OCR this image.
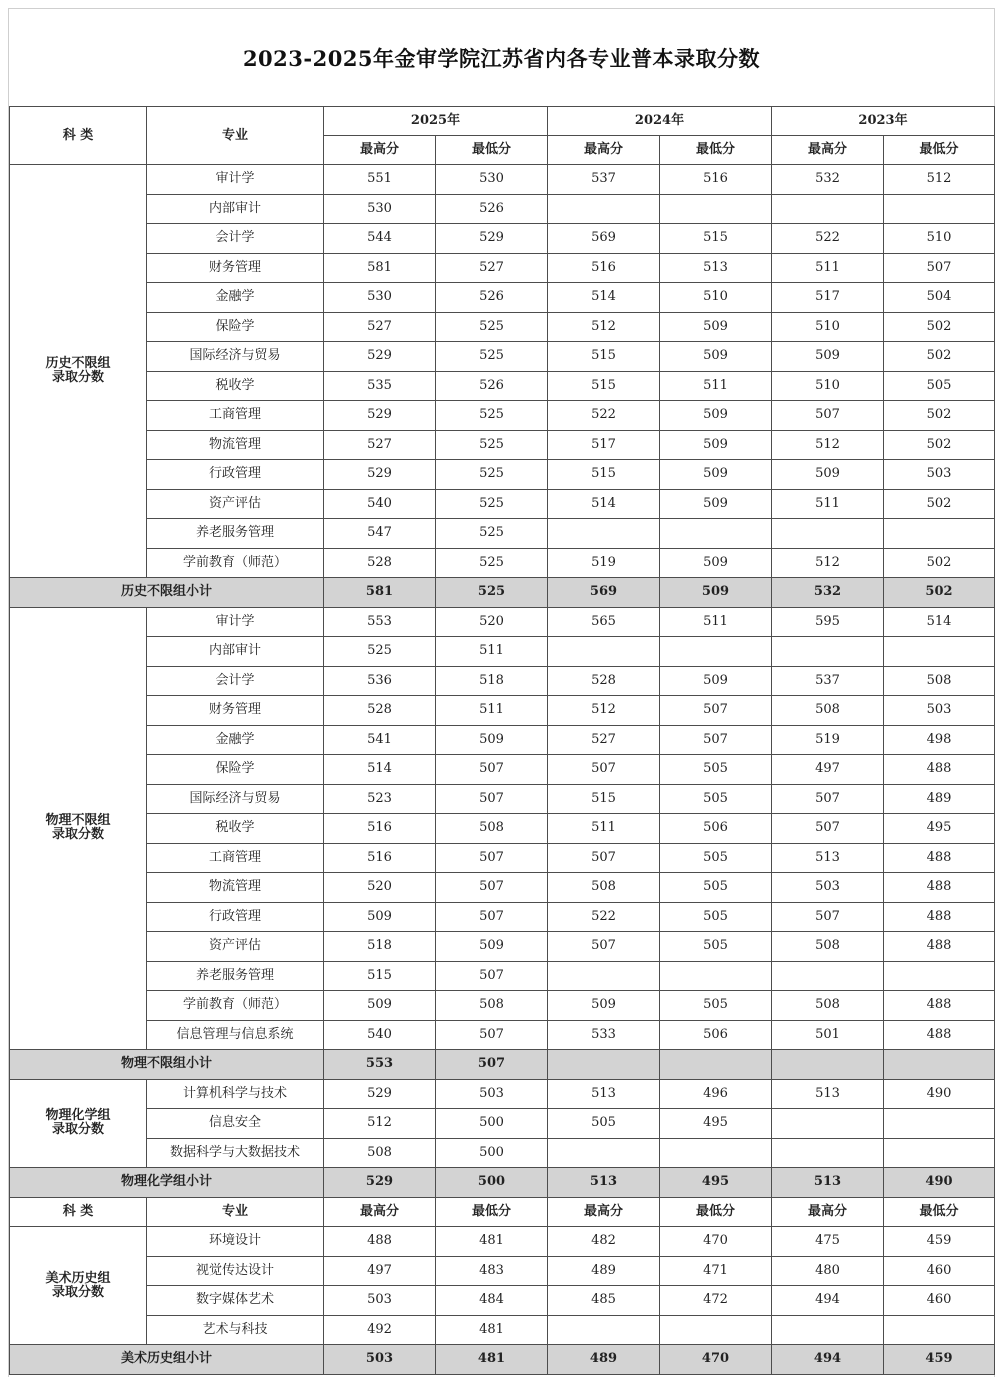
2023-2025年金审学院江苏省内各专业普本录取分数
科 类	专业	2025年		2024年		2023年	
		最高分	最低分	最高分	最低分	最高分	最低分

历史不限组
录取分数	审计学	551	530	537	516	532	512
	内部审计	530	526				
	会计学	544	529	569	515	522	510
	财务管理	581	527	516	513	511	507
	金融学	530	526	514	510	517	504
	保险学	527	525	512	509	510	502
	国际经济与贸易	529	525	515	509	509	502
	税收学	535	526	515	511	510	505
	工商管理	529	525	522	509	507	502
	物流管理	527	525	517	509	512	502
	行政管理	529	525	515	509	509	503
	资产评估	540	525	514	509	511	502
	养老服务管理	547	525				
	学前教育（师范）	528	525	519	509	512	502
历史不限组小计		581	525	569	509	532	502

物理不限组
录取分数	审计学	553	520	565	511	595	514
	内部审计	525	511				
	会计学	536	518	528	509	537	508
	财务管理	528	511	512	507	508	503
	金融学	541	509	527	507	519	498
	保险学	514	507	507	505	497	488
	国际经济与贸易	523	507	515	505	507	489
	税收学	516	508	511	506	507	495
	工商管理	516	507	507	505	513	488
	物流管理	520	507	508	505	503	488
	行政管理	509	507	522	505	507	488
	资产评估	518	509	507	505	508	488
	养老服务管理	515	507				
	学前教育（师范）	509	508	509	505	508	488
	信息管理与信息系统	540	507	533	506	501	488
物理不限组小计		553	507				

物理化学组
录取分数	计算机科学与技术	529	503	513	496	513	490
	信息安全	512	500	505	495		
	数据科学与大数据技术	508	500				
物理化学组小计		529	500	513	495	513	490
科 类	专业	最高分	最低分	最高分	最低分	最高分	最低分

美术历史组
录取分数	环境设计	488	481	482	470	475	459
	视觉传达设计	497	483	489	471	480	460
	数字媒体艺术	503	484	485	472	494	460
	艺术与科技	492	481				
美术历史组小计		503	481	489	470	494	459
